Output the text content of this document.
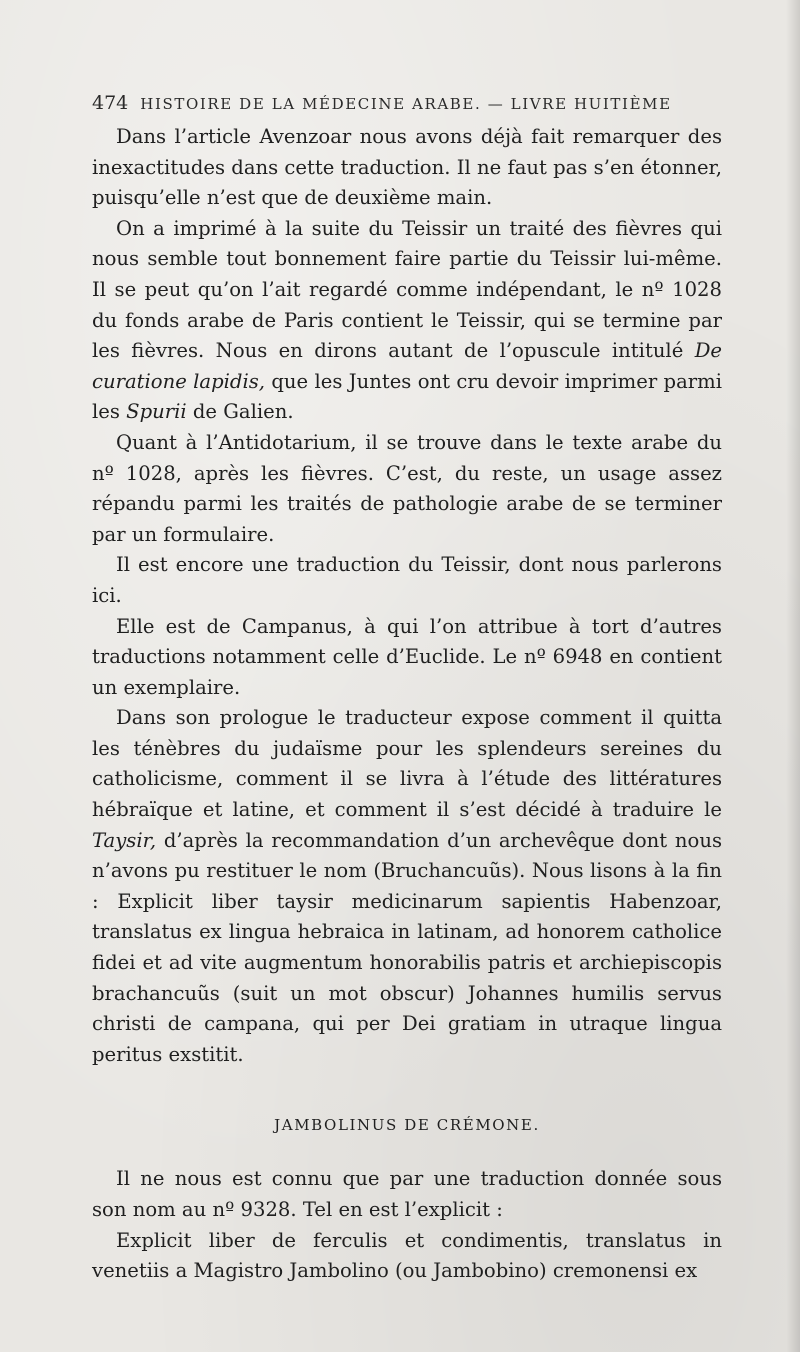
474 HISTOIRE DE LA MÉDECINE ARABE. — LIVRE HUITIÈME

Dans l’article Avenzoar nous avons déjà fait remarquer des inexactitudes dans cette traduction. Il ne faut pas s’en étonner, puisqu’elle n’est que de deuxième main.

On a imprimé à la suite du Teissir un traité des fièvres qui nous semble tout bonnement faire partie du Teissir lui-même. Il se peut qu’on l’ait regardé comme indépendant, le nº 1028 du fonds arabe de Paris contient le Teissir, qui se termine par les fièvres. Nous en dirons autant de l’opuscule intitulé De curatione lapidis, que les Juntes ont cru devoir imprimer parmi les Spurii de Galien.

Quant à l’Antidotarium, il se trouve dans le texte arabe du nº 1028, après les fièvres. C’est, du reste, un usage assez répandu parmi les traités de pathologie arabe de se terminer par un formulaire.

Il est encore une traduction du Teissir, dont nous parlerons ici.

Elle est de Campanus, à qui l’on attribue à tort d’autres traductions notamment celle d’Euclide. Le nº 6948 en contient un exemplaire.

Dans son prologue le traducteur expose comment il quitta les ténèbres du judaïsme pour les splendeurs sereines du catholicisme, comment il se livra à l’étude des littératures hébraïque et latine, et comment il s’est décidé à traduire le Taysir, d’après la recommandation d’un archevêque dont nous n’avons pu restituer le nom (Bruchancuũs). Nous lisons à la fin : Explicit liber taysir medicinarum sapientis Habenzoar, translatus ex lingua hebraica in latinam, ad honorem catholice fidei et ad vite augmentum honorabilis patris et archiepiscopis brachancuũs (suit un mot obscur) Johannes humilis servus christi de campana, qui per Dei gratiam in utraque lingua peritus exstitit.

JAMBOLINUS DE CRÉMONE.

Il ne nous est connu que par une traduction donnée sous son nom au nº 9328. Tel en est l’explicit :

Explicit liber de ferculis et condimentis, translatus in venetiis a Magistro Jambolino (ou Jambobino) cremonensi ex
